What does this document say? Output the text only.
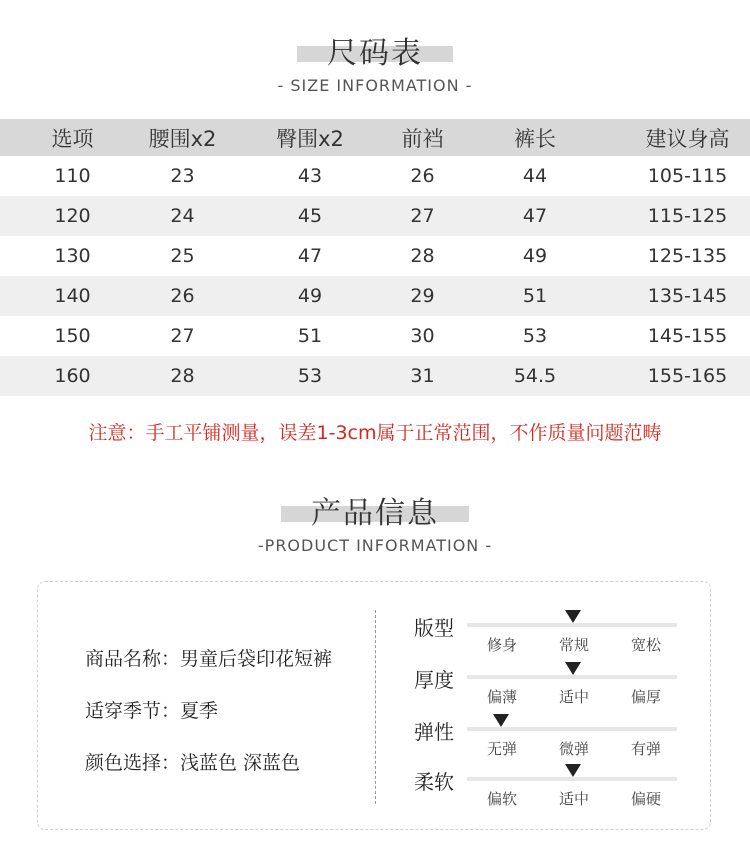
尺码表
- SIZE INFORMATION -
选项	腰围x2	臀围x2	前裆	裤长	建议身高
110	23	43	26	44	105-115
120	24	45	27	47	115-125
130	25	47	28	49	125-135
140	26	49	29	51	135-145
150	27	51	30	53	145-155
160	28	53	31	54.5	155-165
注意：手工平铺测量，误差1-3cm属于正常范围，不作质量问题范畴
产品信息
-PRODUCT INFORMATION -
商品名称：男童后袋印花短裤
适穿季节：夏季
颜色选择：浅蓝色 深蓝色
版型
修身	常规	宽松
厚度
偏薄	适中	偏厚
弹性
无弹	微弹	有弹
柔软
偏软	适中	偏硬
